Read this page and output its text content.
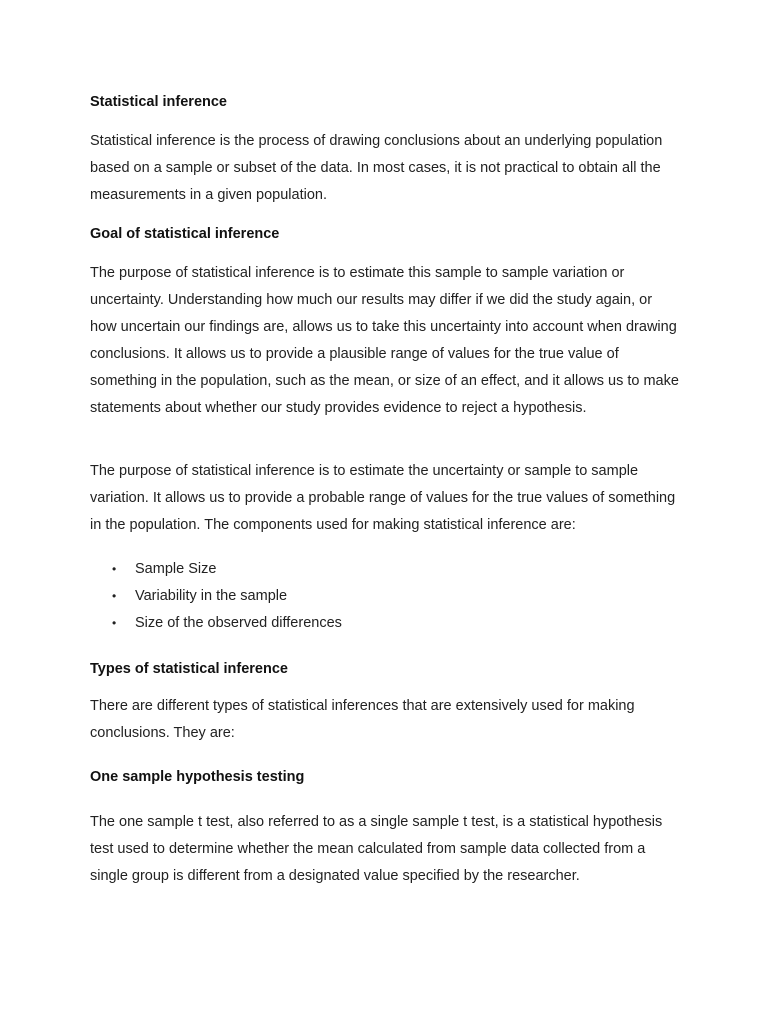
Statistical inference

Statistical inference is the process of drawing conclusions about an underlying population based on a sample or subset of the data. In most cases, it is not practical to obtain all the measurements in a given population.

Goal of statistical inference

The purpose of statistical inference is to estimate this sample to sample variation or uncertainty. Understanding how much our results may differ if we did the study again, or how uncertain our findings are, allows us to take this uncertainty into account when drawing conclusions. It allows us to provide a plausible range of values for the true value of something in the population, such as the mean, or size of an effect, and it allows us to make statements about whether our study provides evidence to reject a hypothesis.

The purpose of statistical inference is to estimate the uncertainty or sample to sample variation. It allows us to provide a probable range of values for the true values of something in the population. The components used for making statistical inference are:

• Sample Size
• Variability in the sample
• Size of the observed differences
Types of statistical inference

There are different types of statistical inferences that are extensively used for making conclusions. They are:

One sample hypothesis testing

The one sample t test, also referred to as a single sample t test, is a statistical hypothesis test used to determine whether the mean calculated from sample data collected from a single group is different from a designated value specified by the researcher.
